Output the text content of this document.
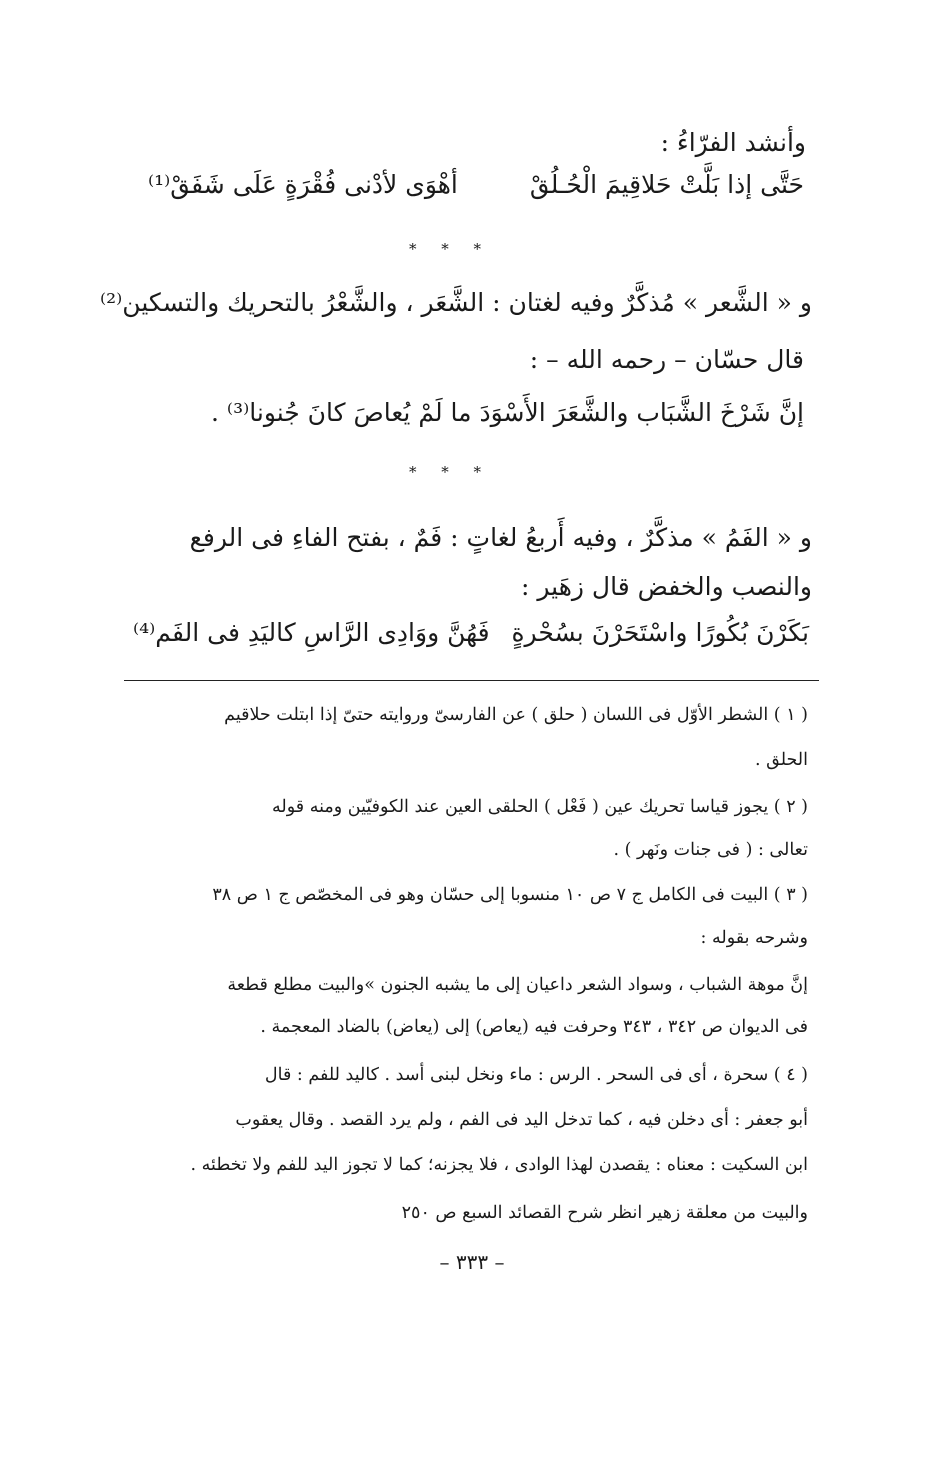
وأنشد الفرّاءُ :
حَتَّى إذا بَلَّتْ حَلاقِيمَ الْحُـلُقْ
أهْوَى لأدْنى فُقْرَةٍ عَلَى شَفَقْ⁽¹⁾
* * *
و « الشَّعر » مُذكَّرٌ وفيه لغتان : الشَّعَر ، والشَّعْرُ بالتحريك والتسكين⁽²⁾
قال حسّان – رحمه الله – :
إنَّ شَرْخَ الشَّبَاب والشَّعَرَ الأَسْوَدَ ما لَمْ يُعاصَ كانَ جُنونا⁽³⁾ .
* * *
و « الفَمُ » مذكَّرٌ ، وفيه أَربعُ لغاتٍ : فَمٌ ، بفتح الفاءِ فى الرفع
والنصب والخفض قال زهَير :
بَكَرْنَ بُكُورًا واسْتَحَرْنَ بسُحْرةٍ
فَهُنَّ ووَادِى الرَّاسِ كاليَدِ فى الفَم⁽⁴⁾
( ١ ) الشطر الأوّل فى اللسان ( حلق ) عن الفارسىّ وروايته حتىّ إذا ابتلت حلاقيم
الحلق .
( ٢ ) يجوز قياسا تحريك عين ( فَعْل ) الحلقى العين عند الكوفيّين ومنه قوله
تعالى : ( فى جنات ونَهر ) .
( ٣ ) البيت فى الكامل ج ٧ ص ١٠ منسوبا إلى حسّان وهو فى المخصّص ج ١ ص ٣٨
وشرحه بقوله :
إنَّ موهة الشباب ، وسواد الشعر داعيان إلى ما يشبه الجنون »والبيت مطلع قطعة
فى الديوان ص ٣٤٢ ، ٣٤٣ وحرفت فيه (يعاص) إلى (يعاض) بالضاد المعجمة .
( ٤ ) سحرة ، أى فى السحر . الرس : ماء ونخل لبنى أسد . كاليد للفم : قال
أبو جعفر : أى دخلن فيه ، كما تدخل اليد فى الفم ، ولم يرد القصد . وقال يعقوب
ابن السكيت : معناه : يقصدن لهذا الوادى ، فلا يجزنه؛ كما لا تجوز اليد للفم ولا تخطئه .
والبيت من معلقة زهير انظر شرح القصائد السبع ص ٢٥٠
– ٣٣٣ –
